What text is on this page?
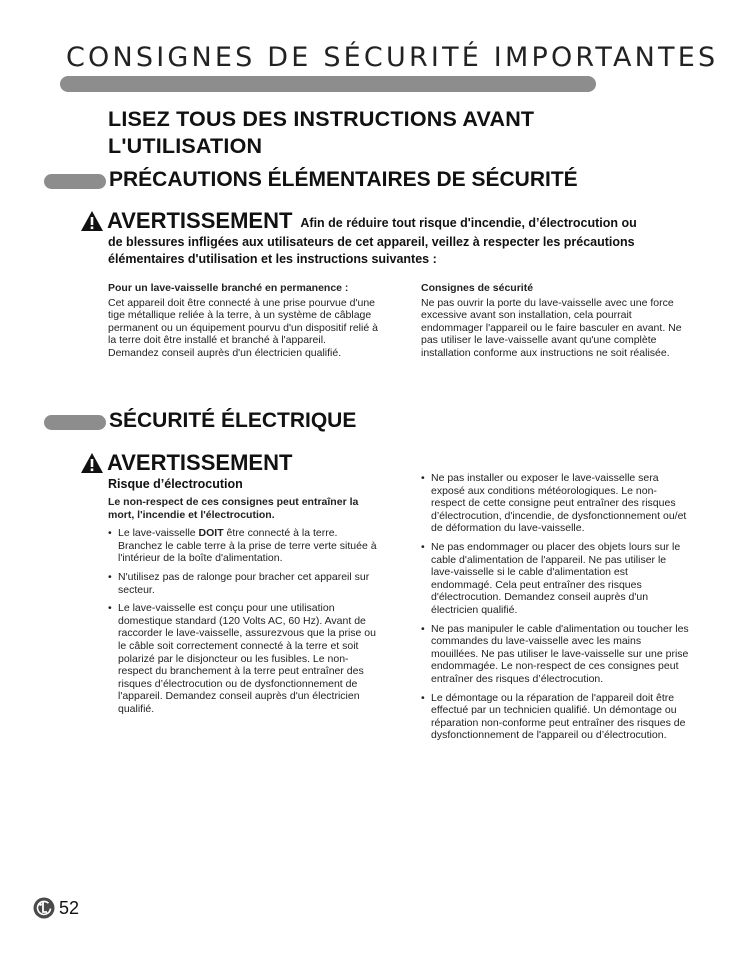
CONSIGNES DE SÉCURITÉ IMPORTANTES
LISEZ TOUS DES INSTRUCTIONS AVANT
L'UTILISATION
PRÉCAUTIONS ÉLÉMENTAIRES DE SÉCURITÉ
AVERTISSEMENT Afin de réduire tout risque d'incendie, d’électrocution ou
de blessures infligées aux utilisateurs de cet appareil, veillez à respecter les précautions élémentaires d'utilisation et les instructions suivantes :
Pour un lave-vaisselle branché en permanence :
Cet appareil doit être connecté à une prise pourvue d'une tige métallique reliée à la terre, à un système de câblage permanent ou un équipement pourvu d'un dispositif relié à la terre doit être installé et branché à l'appareil. Demandez conseil auprès d'un électricien qualifié.
Consignes de sécurité
Ne pas ouvrir la porte du lave-vaisselle avec une force excessive avant son installation, cela pourrait endommager l'appareil ou le faire basculer en avant. Ne pas utiliser le lave-vaisselle avant qu'une complète installation conforme aux instructions ne soit réalisée.
SÉCURITÉ ÉLECTRIQUE
AVERTISSEMENT
Risque d’électrocution
Le non-respect de ces consignes peut entraîner la mort, l'incendie et l'électrocution.
• Le lave-vaisselle DOIT être connecté à la terre. Branchez le cable terre à la prise de terre verte située à l'intérieur de la boîte d'alimentation.
• N'utilisez pas de ralonge pour bracher cet appareil sur secteur.
• Le lave-vaisselle est conçu pour une utilisation domestique standard (120 Volts AC, 60 Hz). Avant de raccorder le lave-vaisselle, assurezvous que la prise ou le câble soit correctement connecté à la terre et soit polarizé par le disjoncteur ou les fusibles. Le non-respect du branchement à la terre peut entraîner des risques d’électrocution ou de dysfonctionnement de l'appareil. Demandez conseil auprès d'un électricien qualifié.
• Ne pas installer ou exposer le lave-vaisselle sera exposé aux conditions météorologiques. Le non-respect de cette consigne peut entraîner des risques d’électrocution, d'incendie, de dysfonctionnement ou/et de déformation du lave-vaisselle.
• Ne pas endommager ou placer des objets lours sur le cable d'alimentation de l'appareil. Ne pas utiliser le lave-vaisselle si le cable d'alimentation est endommagé. Cela peut entraîner des risques d'électrocution. Demandez conseil auprès d'un électricien qualifié.
• Ne pas manipuler le cable d'alimentation ou toucher les commandes du lave-vaisselle avec les mains mouillées. Ne pas utiliser le lave-vaisselle sur une prise endommagée. Le non-respect de ces consignes peut entraîner des risques d’électrocution.
• Le démontage ou la réparation de l'appareil doit être effectué par un technicien qualifié. Un démontage ou réparation non-conforme peut entraîner des risques de dysfonctionnement de l'appareil ou d’électrocution.
52
